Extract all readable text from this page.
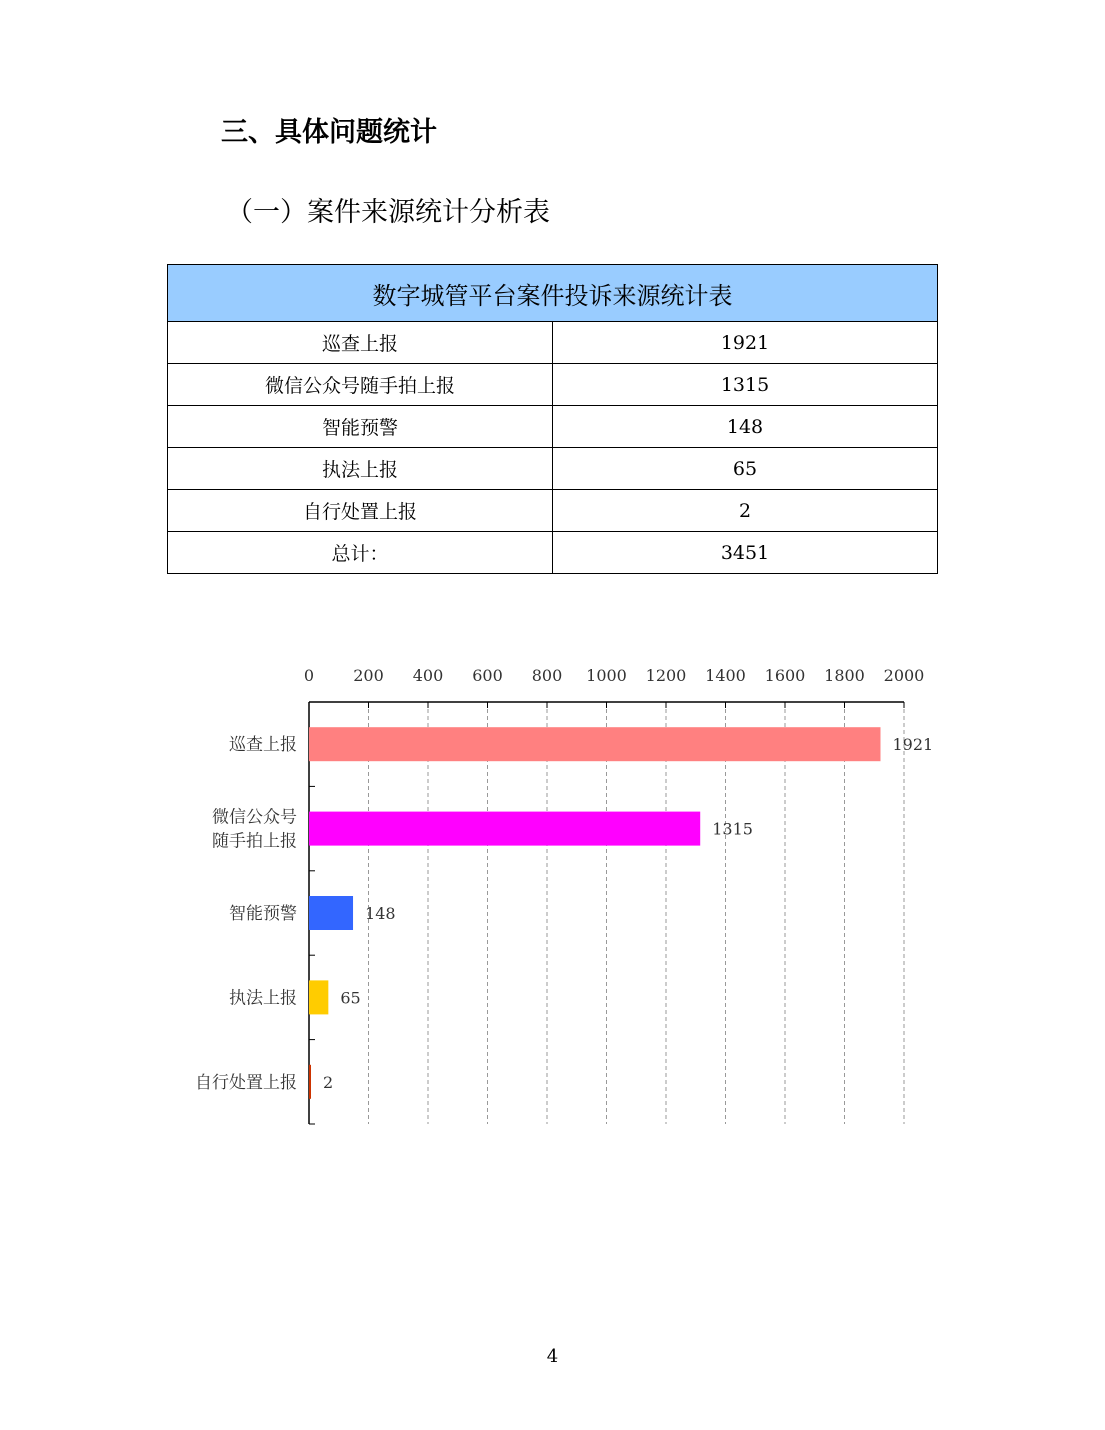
三、具体问题统计
（一）案件来源统计分析表
数字城管平台案件投诉来源统计表	
巡查上报	1921
微信公众号随手拍上报	1315
智能预警	148
执法上报	65
自行处置上报	2
总计：	3451
0 200 400 600 800 1000 1200 1400 1600 1800 2000
1921
巡查上报
1315
微信公众号
随手拍上报
148
智能预警
65
执法上报
2
自行处置上报
4
